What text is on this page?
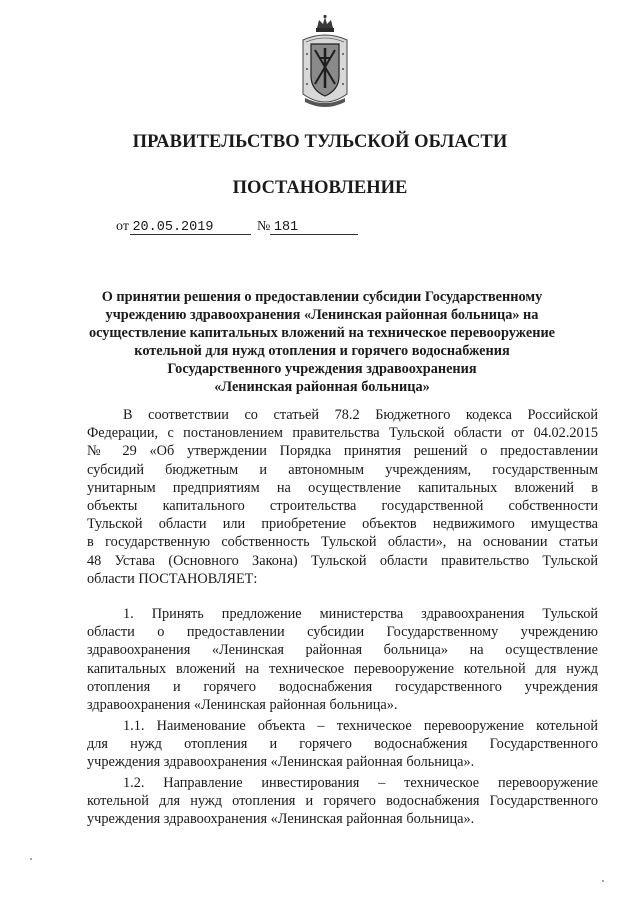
ПРАВИТЕЛЬСТВО ТУЛЬСКОЙ ОБЛАСТИ
ПОСТАНОВЛЕНИЕ
от 20.05.2019	№ 181
О принятии решения о предоставлении субсидии Государственному
учреждению здравоохранения «Ленинская районная больница» на
осуществление капитальных вложений на техническое перевооружение
котельной для нужд отопления и горячего водоснабжения
Государственного учреждения здравоохранения
«Ленинская районная больница»
В соответствии со статьей 78.2 Бюджетного кодекса Российской
Федерации, с постановлением правительства Тульской области от 04.02.2015
№ 29 «Об утверждении Порядка принятия решений о предоставлении
субсидий бюджетным и автономным учреждениям, государственным
унитарным предприятиям на осуществление капитальных вложений в
объекты капитального строительства государственной собственности
Тульской области или приобретение объектов недвижимого имущества
в государственную собственность Тульской области», на основании статьи
48 Устава (Основного Закона) Тульской области правительство Тульской
области ПОСТАНОВЛЯЕТ:
1. Принять предложение министерства здравоохранения Тульской
области о предоставлении субсидии Государственному учреждению
здравоохранения «Ленинская районная больница» на осуществление
капитальных вложений на техническое перевооружение котельной для нужд
отопления и горячего водоснабжения государственного учреждения
здравоохранения «Ленинская районная больница».
1.1. Наименование объекта – техническое перевооружение котельной
для нужд отопления и горячего водоснабжения Государственного
учреждения здравоохранения «Ленинская районная больница».
1.2. Направление инвестирования – техническое перевооружение
котельной для нужд отопления и горячего водоснабжения Государственного
учреждения здравоохранения «Ленинская районная больница».
